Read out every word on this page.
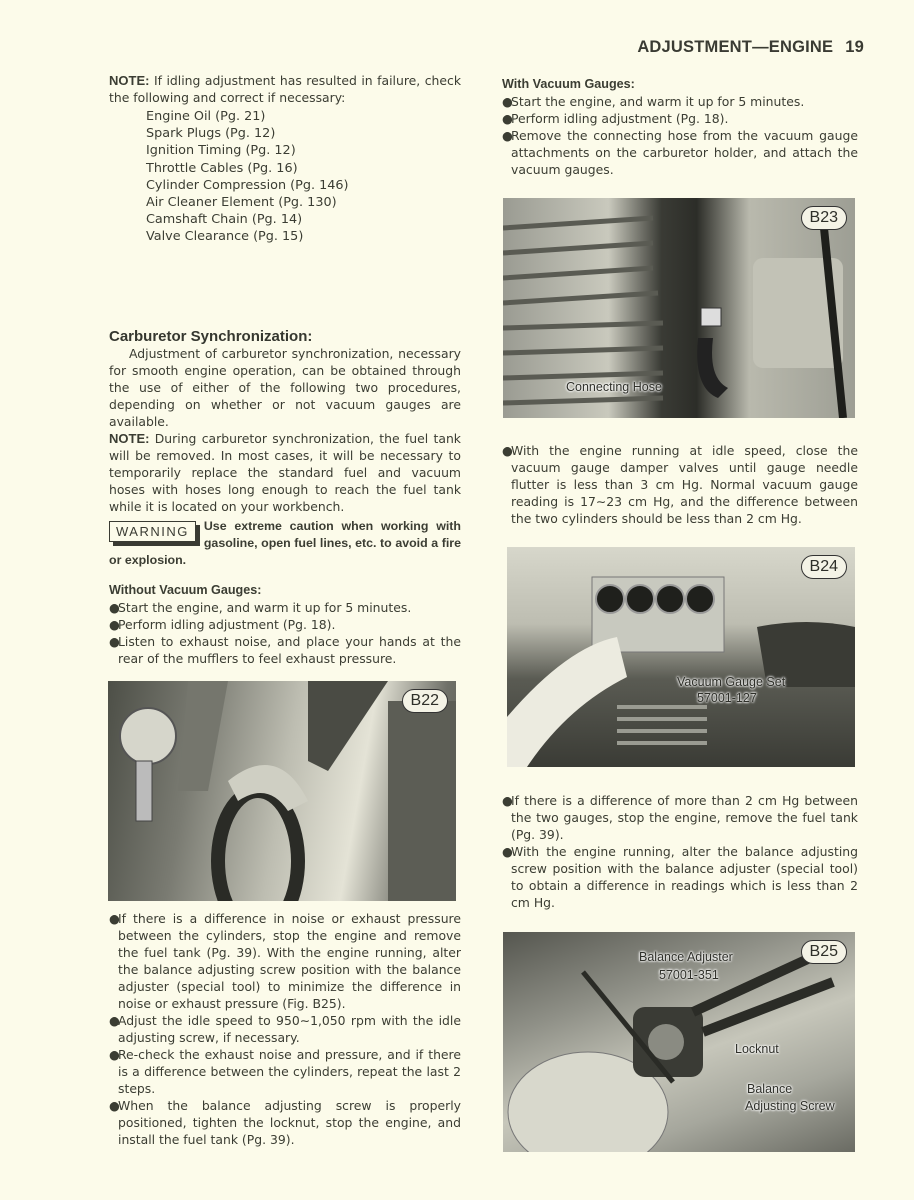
ADJUSTMENT—ENGINE 19
NOTE: If idling adjustment has resulted in failure, check the following and correct if necessary:
Engine Oil (Pg. 21)
Spark Plugs (Pg. 12)
Ignition Timing (Pg. 12)
Throttle Cables (Pg. 16)
Cylinder Compression (Pg. 146)
Air Cleaner Element (Pg. 130)
Camshaft Chain (Pg. 14)
Valve Clearance (Pg. 15)
Carburetor Synchronization:
Adjustment of carburetor synchronization, necessary for smooth engine operation, can be obtained through the use of either of the following two procedures, depending on whether or not vacuum gauges are available.
NOTE: During carburetor synchronization, the fuel tank will be removed. In most cases, it will be necessary to temporarily replace the standard fuel and vacuum hoses with hoses long enough to reach the fuel tank while it is located on your workbench.
WARNING	Use extreme caution when working with gasoline, open fuel lines, etc. to avoid a fire or explosion.
Without Vacuum Gauges:

●Start the engine, and warm it up for 5 minutes.

●Perform idling adjustment (Pg. 18).

●Listen to exhaust noise, and place your hands at the rear of the mufflers to feel exhaust pressure.

B22

●If there is a difference in noise or exhaust pressure between the cylinders, stop the engine and remove the fuel tank (Pg. 39). With the engine running, alter the balance adjusting screw position with the balance adjuster (special tool) to minimize the difference in noise or exhaust pressure (Fig. B25).

●Adjust the idle speed to 950∼1,050 rpm with the idle adjusting screw, if necessary.

●Re-check the exhaust noise and pressure, and if there is a difference between the cylinders, repeat the last 2 steps.

●When the balance adjusting screw is properly positioned, tighten the locknut, stop the engine, and install the fuel tank (Pg. 39).

With Vacuum Gauges:

●Start the engine, and warm it up for 5 minutes.

●Perform idling adjustment (Pg. 18).

●Remove the connecting hose from the vacuum gauge attachments on the carburetor holder, and attach the vacuum gauges.

B23
Connecting Hose

●With the engine running at idle speed, close the vacuum gauge damper valves until gauge needle flutter is less than 3 cm Hg. Normal vacuum gauge reading is 17∼23 cm Hg, and the difference between the two cylinders should be less than 2 cm Hg.

B24
Vacuum Gauge Set
57001-127

●If there is a difference of more than 2 cm Hg between the two gauges, stop the engine, remove the fuel tank (Pg. 39).

●With the engine running, alter the balance adjusting screw position with the balance adjuster (special tool) to obtain a difference in readings which is less than 2 cm Hg.

B25
Balance Adjuster
57001-351
Locknut
Balance
Adjusting Screw
